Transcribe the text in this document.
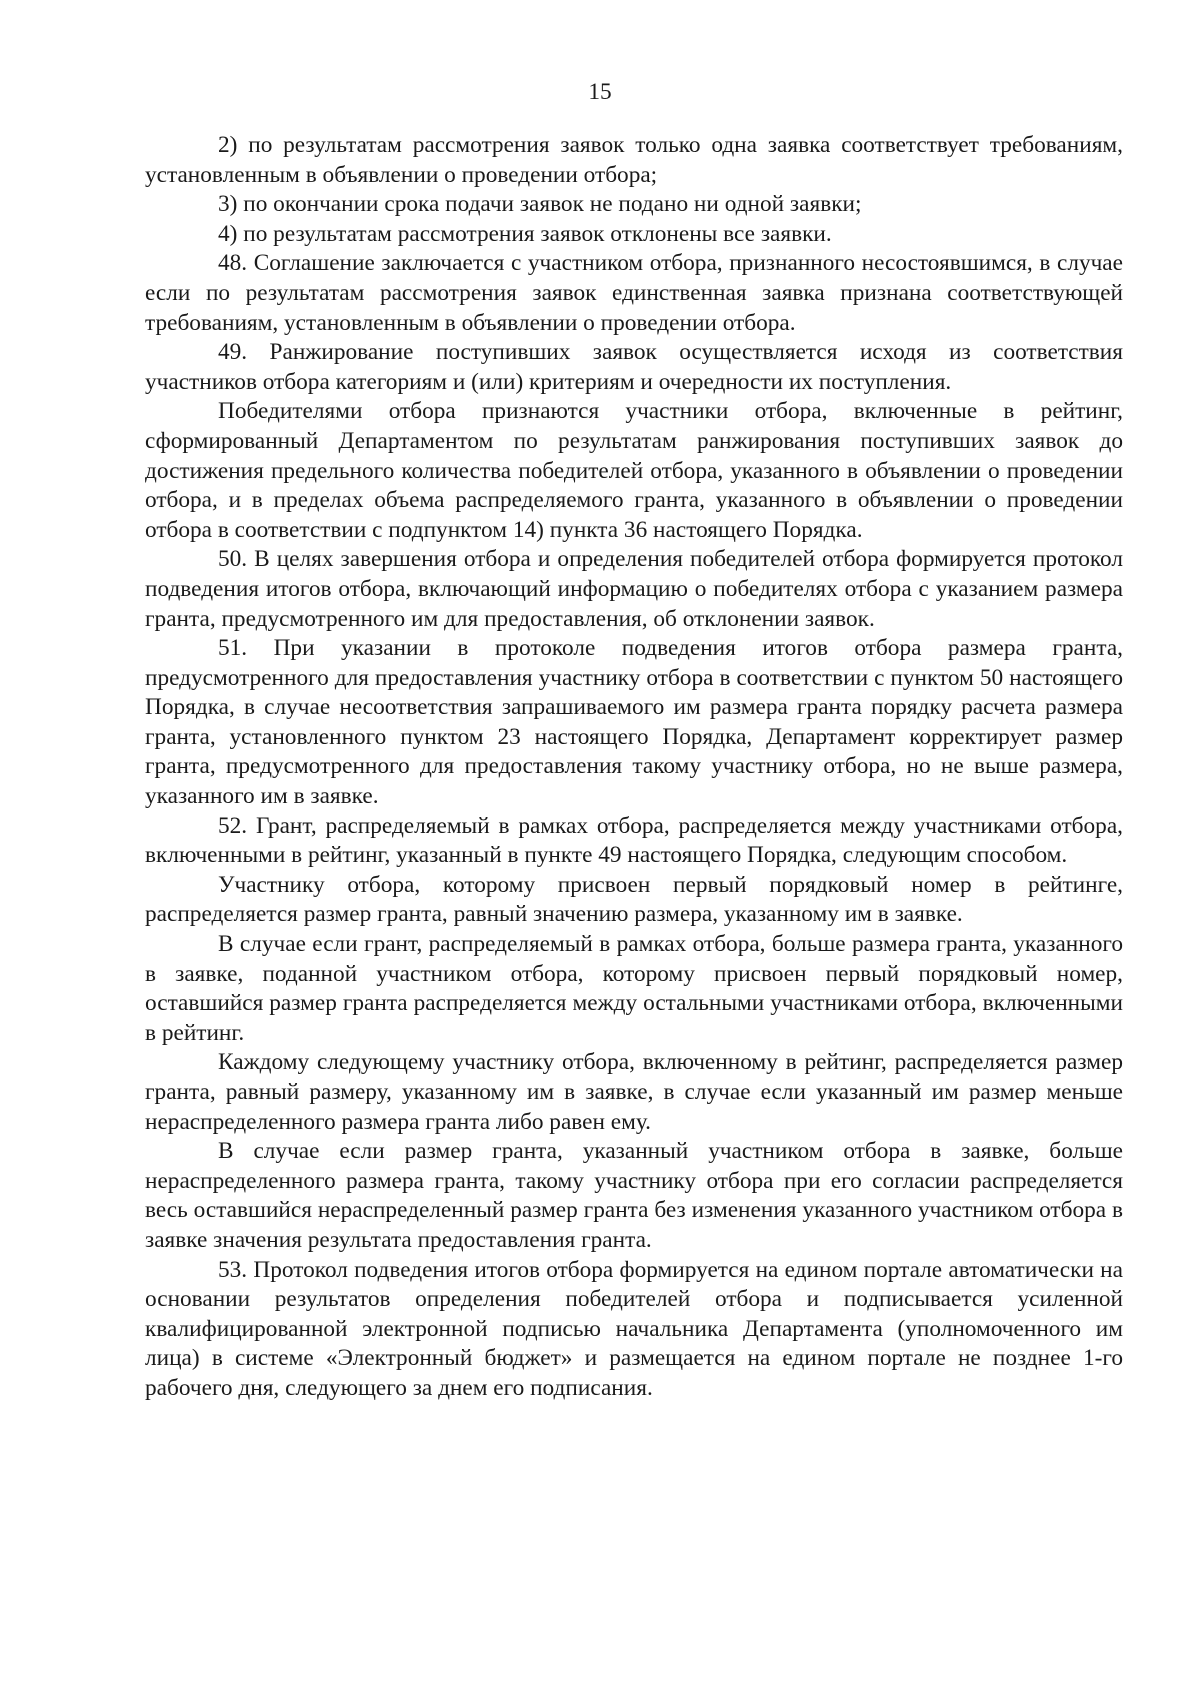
15

2) по результатам рассмотрения заявок только одна заявка соответствует требованиям, установленным в объявлении о проведении отбора;

3) по окончании срока подачи заявок не подано ни одной заявки;

4) по результатам рассмотрения заявок отклонены все заявки.

48. Соглашение заключается с участником отбора, признанного несостоявшимся, в случае если по результатам рассмотрения заявок единственная заявка признана соответствующей требованиям, установленным в объявлении о проведении отбора.

49. Ранжирование поступивших заявок осуществляется исходя из соответствия участников отбора категориям и (или) критериям и очередности их поступления.

Победителями отбора признаются участники отбора, включенные в рейтинг, сформированный Департаментом по результатам ранжирования поступивших заявок до достижения предельного количества победителей отбора, указанного в объявлении о проведении отбора, и в пределах объема распределяемого гранта, указанного в объявлении о проведении отбора в соответствии с подпунктом 14) пункта 36 настоящего Порядка.

50. В целях завершения отбора и определения победителей отбора формируется протокол подведения итогов отбора, включающий информацию о победителях отбора с указанием размера гранта, предусмотренного им для предоставления, об отклонении заявок.

51. При указании в протоколе подведения итогов отбора размера гранта, предусмотренного для предоставления участнику отбора в соответствии с пунктом 50 настоящего Порядка, в случае несоответствия запрашиваемого им размера гранта порядку расчета размера гранта, установленного пунктом 23 настоящего Порядка, Департамент корректирует размер гранта, предусмотренного для предоставления такому участнику отбора, но не выше размера, указанного им в заявке.

52. Грант, распределяемый в рамках отбора, распределяется между участниками отбора, включенными в рейтинг, указанный в пункте 49 настоящего Порядка, следующим способом.

Участнику отбора, которому присвоен первый порядковый номер в рейтинге, распределяется размер гранта, равный значению размера, указанному им в заявке.

В случае если грант, распределяемый в рамках отбора, больше размера гранта, указанного в заявке, поданной участником отбора, которому присвоен первый порядковый номер, оставшийся размер гранта распределяется между остальными участниками отбора, включенными в рейтинг.

Каждому следующему участнику отбора, включенному в рейтинг, распределяется размер гранта, равный размеру, указанному им в заявке, в случае если указанный им размер меньше нераспределенного размера гранта либо равен ему.

В случае если размер гранта, указанный участником отбора в заявке, больше нераспределенного размера гранта, такому участнику отбора при его согласии распределяется весь оставшийся нераспределенный размер гранта без изменения указанного участником отбора в заявке значения результата предоставления гранта.

53. Протокол подведения итогов отбора формируется на едином портале автоматически на основании результатов определения победителей отбора и подписывается усиленной квалифицированной электронной подписью начальника Департамента (уполномоченного им лица) в системе «Электронный бюджет» и размещается на едином портале не позднее 1-го рабочего дня, следующего за днем его подписания.
